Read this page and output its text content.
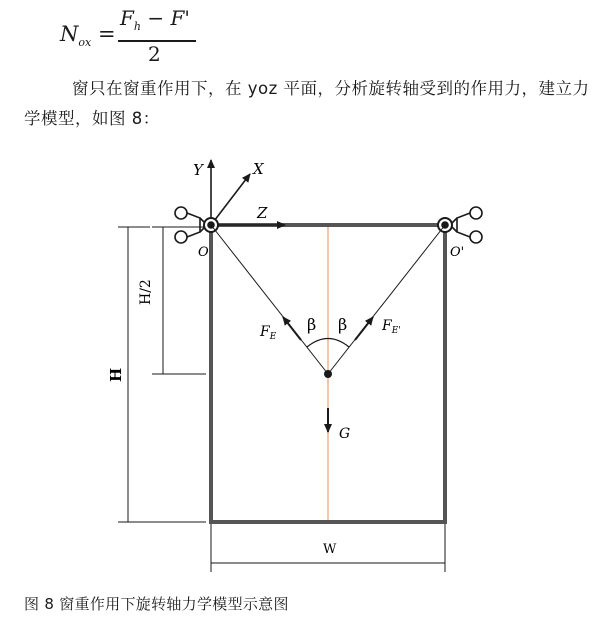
$N_{ox}$ =
$F_h - F'$
2
窗只在窗重作用下，在 yoz 平面，分析旋转轴受到的作用力，建立力学模型，如图 8：
Y	X
Z
O	O'
$F_E$
$F_{E'}$
β β
G
H/2
H
W
图 8 窗重作用下旋转轴力学模型示意图
